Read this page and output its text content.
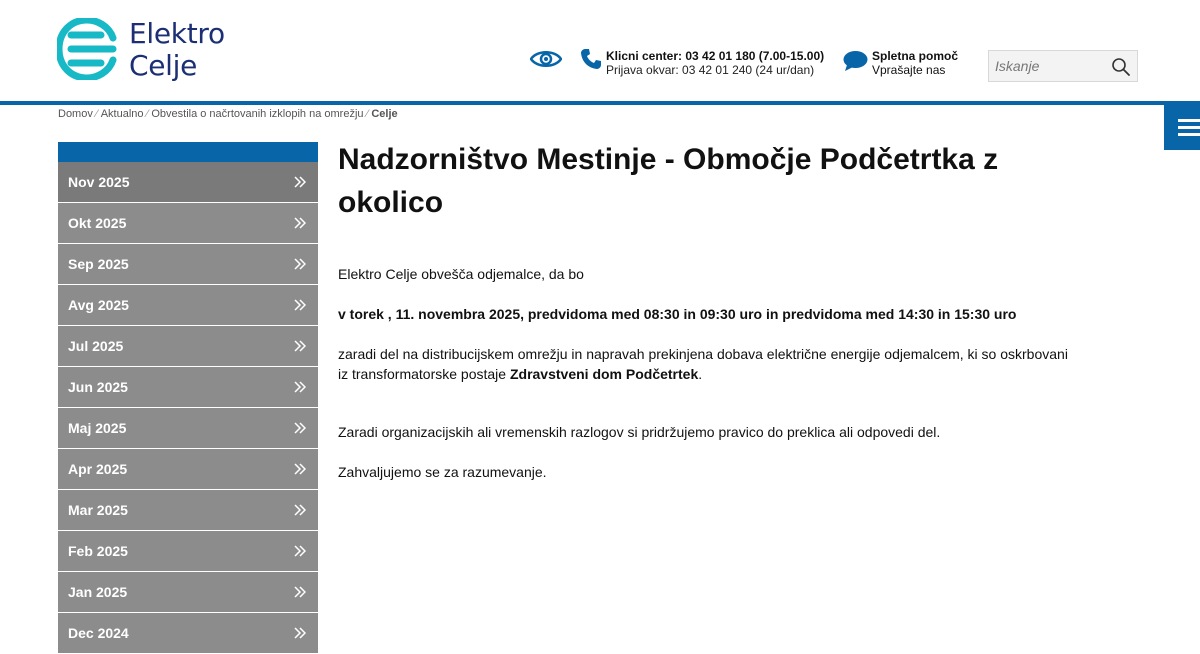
Elektro
Celje	Klicni center: 03 42 01 180 (7.00-15.00)
Prijava okvar: 03 42 01 240 (24 ur/dan)
Spletna pomoč
Vprašajte nas
Iskanje
Domov ⁄ Aktualno ⁄ Obvestila o načrtovanih izklopih na omrežju ⁄ Celje
Nov 2025
Okt 2025
Sep 2025
Avg 2025
Jul 2025
Jun 2025
Maj 2025
Apr 2025
Mar 2025
Feb 2025
Jan 2025
Dec 2024
Nadzorništvo Mestinje - Območje Podčetrtka z okolico

Elektro Celje obvešča odjemalce, da bo

v torek , 11. novembra 2025, predvidoma med 08:30 in 09:30 uro in predvidoma med 14:30 in 15:30 uro

zaradi del na distribucijskem omrežju in napravah prekinjena dobava električne energije odjemalcem, ki so oskrbovani iz transformatorske postaje Zdravstveni dom Podčetrtek.

Zaradi organizacijskih ali vremenskih razlogov si pridržujemo pravico do preklica ali odpovedi del.

Zahvaljujemo se za razumevanje.
